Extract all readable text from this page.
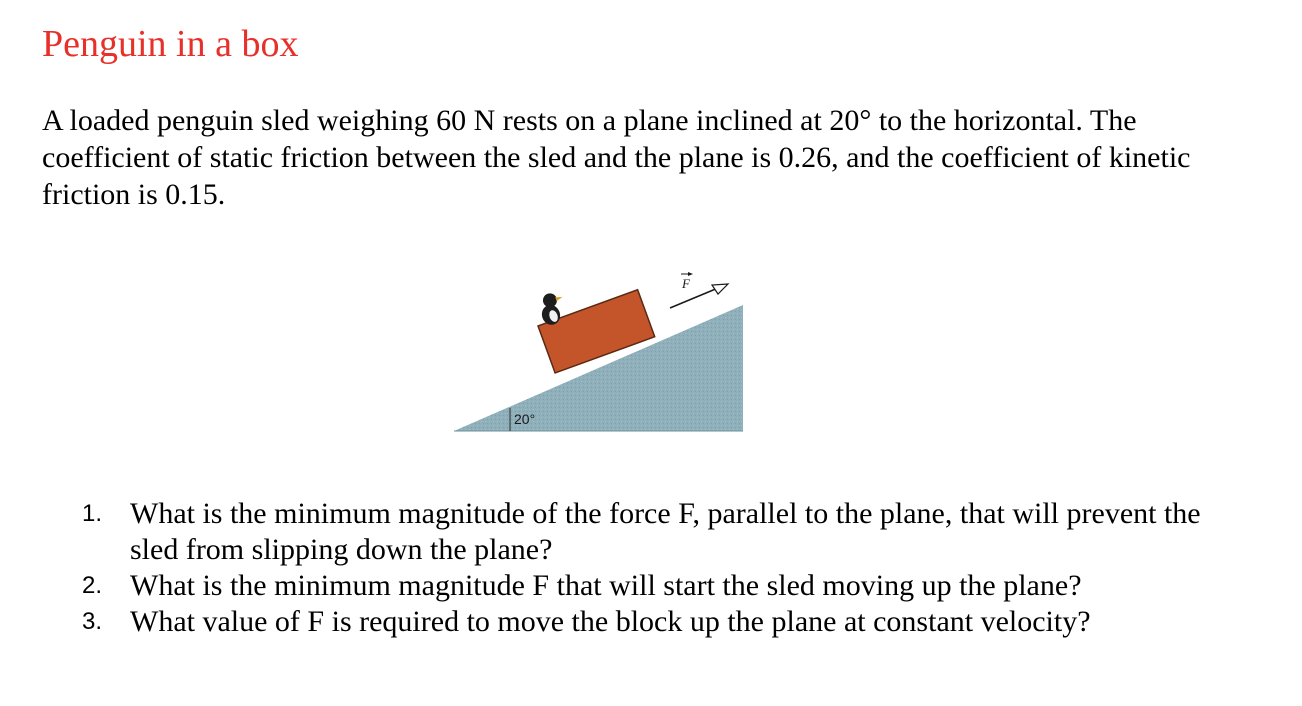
Penguin in a box

A loaded penguin sled weighing 60 N rests on a plane inclined at 20° to the horizontal. The coefficient of static friction between the sled and the plane is 0.26, and the coefficient of kinetic friction is 0.15.

20°
F
1. What is the minimum magnitude of the force F, parallel to the plane, that will prevent the sled from slipping down the plane?
2. What is the minimum magnitude F that will start the sled moving up the plane?
3. What value of F is required to move the block up the plane at constant velocity?
